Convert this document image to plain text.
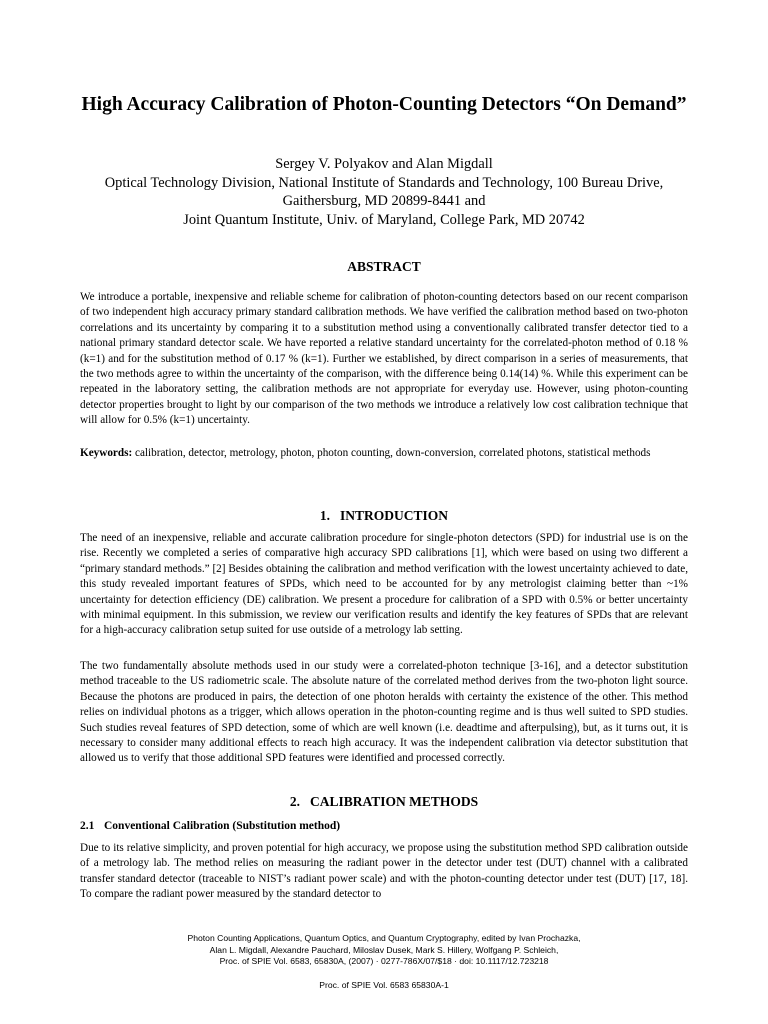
High Accuracy Calibration of Photon-Counting Detectors “On Demand”
Sergey V. Polyakov and Alan Migdall
Optical Technology Division, National Institute of Standards and Technology, 100 Bureau Drive,
Gaithersburg, MD 20899-8441 and
Joint Quantum Institute, Univ. of Maryland, College Park, MD 20742
ABSTRACT

We introduce a portable, inexpensive and reliable scheme for calibration of photon-counting detectors based on our recent comparison of two independent high accuracy primary standard calibration methods. We have verified the calibration method based on two-photon correlations and its uncertainty by comparing it to a substitution method using a conventionally calibrated transfer detector tied to a national primary standard detector scale. We have reported a relative standard uncertainty for the correlated-photon method of 0.18 % (k=1) and for the substitution method of 0.17 % (k=1). Further we established, by direct comparison in a series of measurements, that the two methods agree to within the uncertainty of the comparison, with the difference being 0.14(14) %. While this experiment can be repeated in the laboratory setting, the calibration methods are not appropriate for everyday use. However, using photon-counting detector properties brought to light by our comparison of the two methods we introduce a relatively low cost calibration technique that will allow for 0.5% (k=1) uncertainty.

Keywords: calibration, detector, metrology, photon, photon counting, down-conversion, correlated photons, statistical methods

1. INTRODUCTION

The need of an inexpensive, reliable and accurate calibration procedure for single-photon detectors (SPD) for industrial use is on the rise. Recently we completed a series of comparative high accuracy SPD calibrations [1], which were based on using two different a “primary standard methods.” [2] Besides obtaining the calibration and method verification with the lowest uncertainty achieved to date, this study revealed important features of SPDs, which need to be accounted for by any metrologist claiming better than ~1% uncertainty for detection efficiency (DE) calibration. We present a procedure for calibration of a SPD with 0.5% or better uncertainty with minimal equipment. In this submission, we review our verification results and identify the key features of SPDs that are relevant for a high-accuracy calibration setup suited for use outside of a metrology lab setting.

The two fundamentally absolute methods used in our study were a correlated-photon technique [3-16], and a detector substitution method traceable to the US radiometric scale. The absolute nature of the correlated method derives from the two-photon light source. Because the photons are produced in pairs, the detection of one photon heralds with certainty the existence of the other. This method relies on individual photons as a trigger, which allows operation in the photon-counting regime and is thus well suited to SPD studies. Such studies reveal features of SPD detection, some of which are well known (i.e. deadtime and afterpulsing), but, as it turns out, it is necessary to consider many additional effects to reach high accuracy. It was the independent calibration via detector substitution that allowed us to verify that those additional SPD features were identified and processed correctly.

2. CALIBRATION METHODS
2.1 Conventional Calibration (Substitution method)

Due to its relative simplicity, and proven potential for high accuracy, we propose using the substitution method SPD calibration outside of a metrology lab. The method relies on measuring the radiant power in the detector under test (DUT) channel with a calibrated transfer standard detector (traceable to NIST’s radiant power scale) and with the photon-counting detector under test (DUT) [17, 18]. To compare the radiant power measured by the standard detector to

Photon Counting Applications, Quantum Optics, and Quantum Cryptography, edited by Ivan Prochazka,
Alan L. Migdall, Alexandre Pauchard, Miloslav Dusek, Mark S. Hillery, Wolfgang P. Schleich,
Proc. of SPIE Vol. 6583, 65830A, (2007) · 0277-786X/07/$18 · doi: 10.1117/12.723218
Proc. of SPIE Vol. 6583 65830A-1
